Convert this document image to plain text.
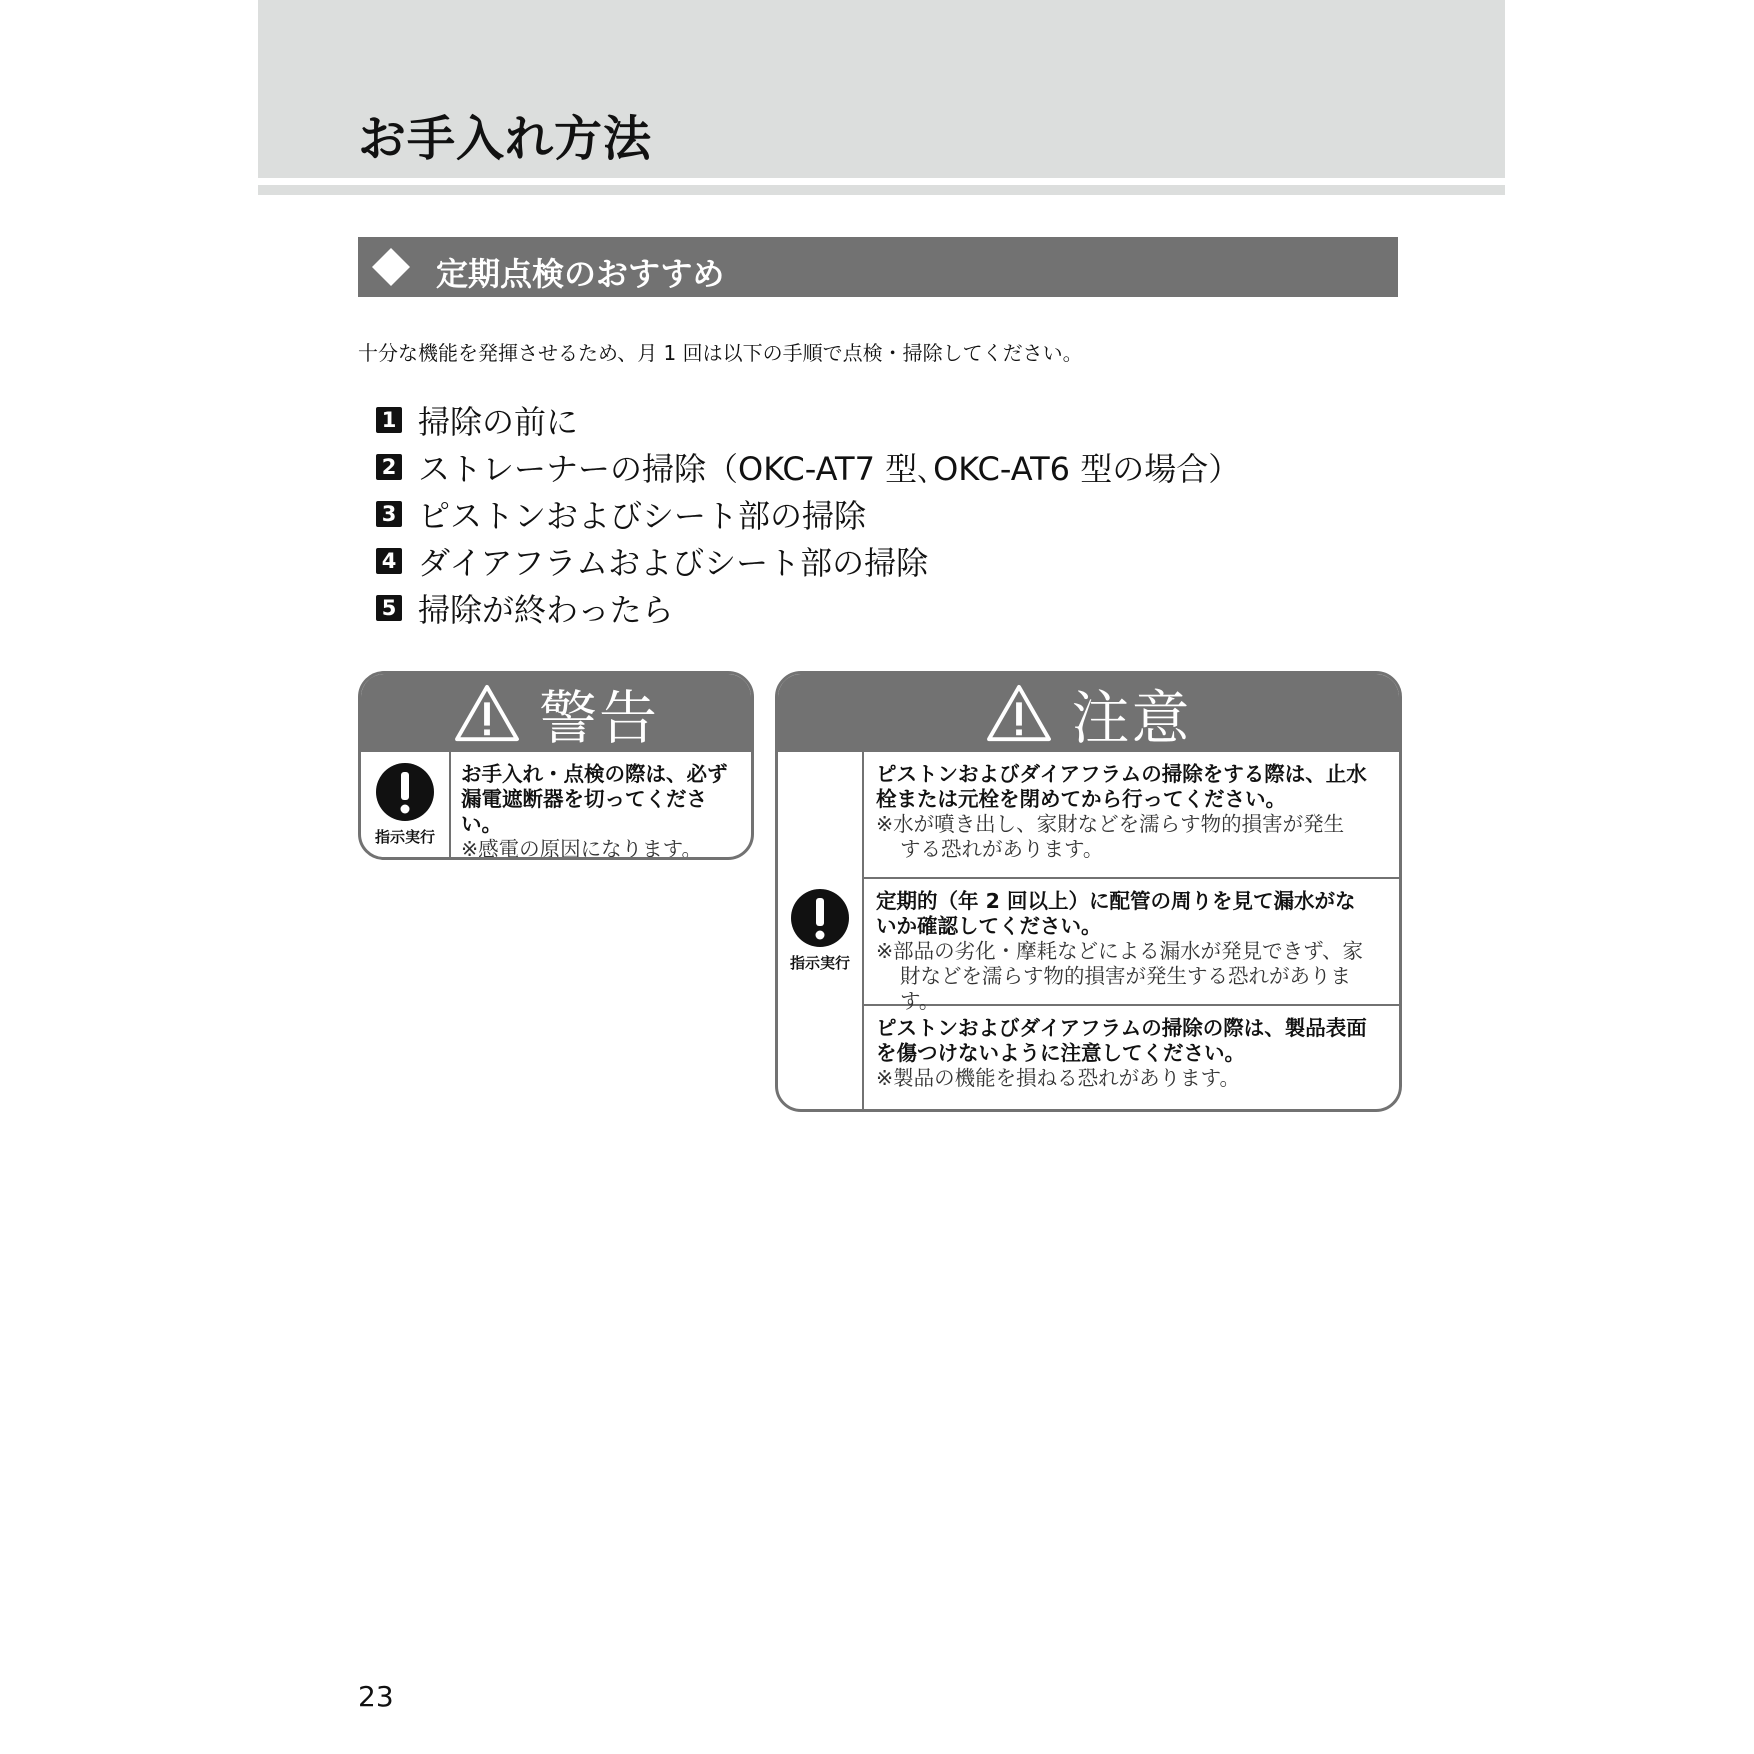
お手入れ方法
定期点検のおすすめ
十分な機能を発揮させるため、月 1 回は以下の手順で点検・掃除してください。
1 掃除の前に
2 ストレーナーの掃除（OKC-AT7 型､OKC-AT6 型の場合）
3 ピストンおよびシート部の掃除
4 ダイアフラムおよびシート部の掃除
5 掃除が終わったら
警告
指示実行
お手入れ・点検の際は、必ず
漏電遮断器を切ってください。
※感電の原因になります。
注意
指示実行
ピストンおよびダイアフラムの掃除をする際は、止水
栓または元栓を閉めてから行ってください。
※水が噴き出し、家財などを濡らす物的損害が発生
する恐れがあります。
定期的（年 2 回以上）に配管の周りを見て漏水がな
いか確認してください。
※部品の劣化・摩耗などによる漏水が発見できず、家
財などを濡らす物的損害が発生する恐れがあります。
ピストンおよびダイアフラムの掃除の際は、製品表面
を傷つけないように注意してください。
※製品の機能を損ねる恐れがあります。
23
